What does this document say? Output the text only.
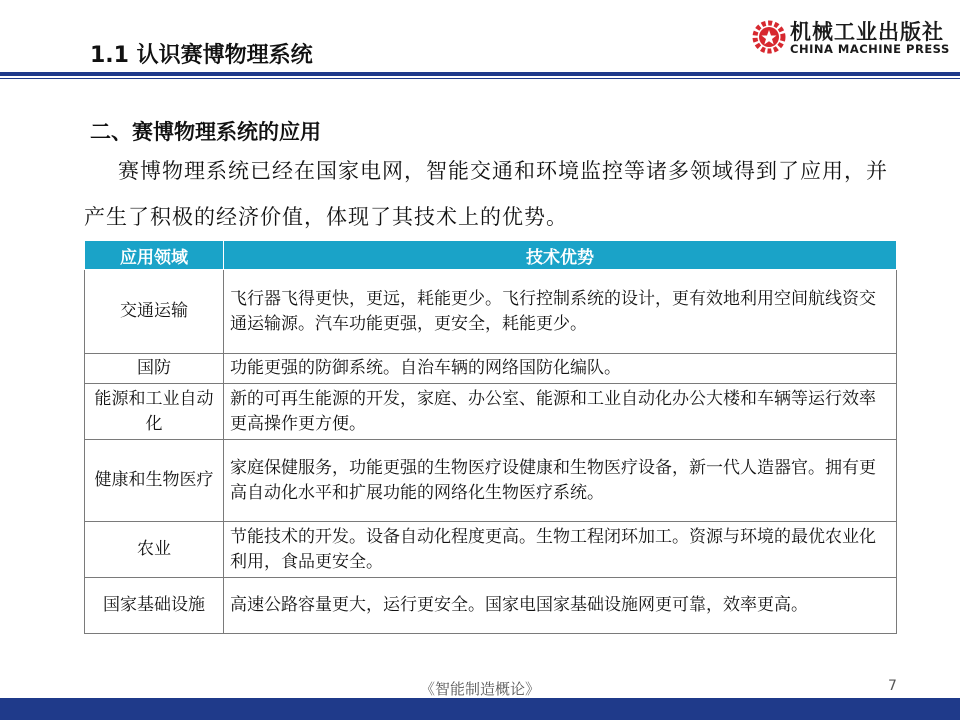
1.1 认识赛博物理系统
机械工业出版社
CHINA MACHINE PRESS
二、赛博物理系统的应用
赛博物理系统已经在国家电网，智能交通和环境监控等诸多领域得到了应用，并产生了积极的经济价值，体现了其技术上的优势。
应用领域	技术优势
交通运输	飞行器飞得更快，更远，耗能更少。飞行控制系统的设计，更有效地利用空间航线资交通运输源。汽车功能更强，更安全，耗能更少。
国防	功能更强的防御系统。自治车辆的网络国防化编队。
能源和工业自动化	新的可再生能源的开发，家庭、办公室、能源和工业自动化办公大楼和车辆等运行效率更高操作更方便。
健康和生物医疗	家庭保健服务，功能更强的生物医疗设健康和生物医疗设备，新一代人造器官。拥有更高自动化水平和扩展功能的网络化生物医疗系统。
农业	节能技术的开发。设备自动化程度更高。生物工程闭环加工。资源与环境的最优农业化利用，食品更安全。
国家基础设施	高速公路容量更大，运行更安全。国家电国家基础设施网更可靠，效率更高。
《智能制造概论》	7
